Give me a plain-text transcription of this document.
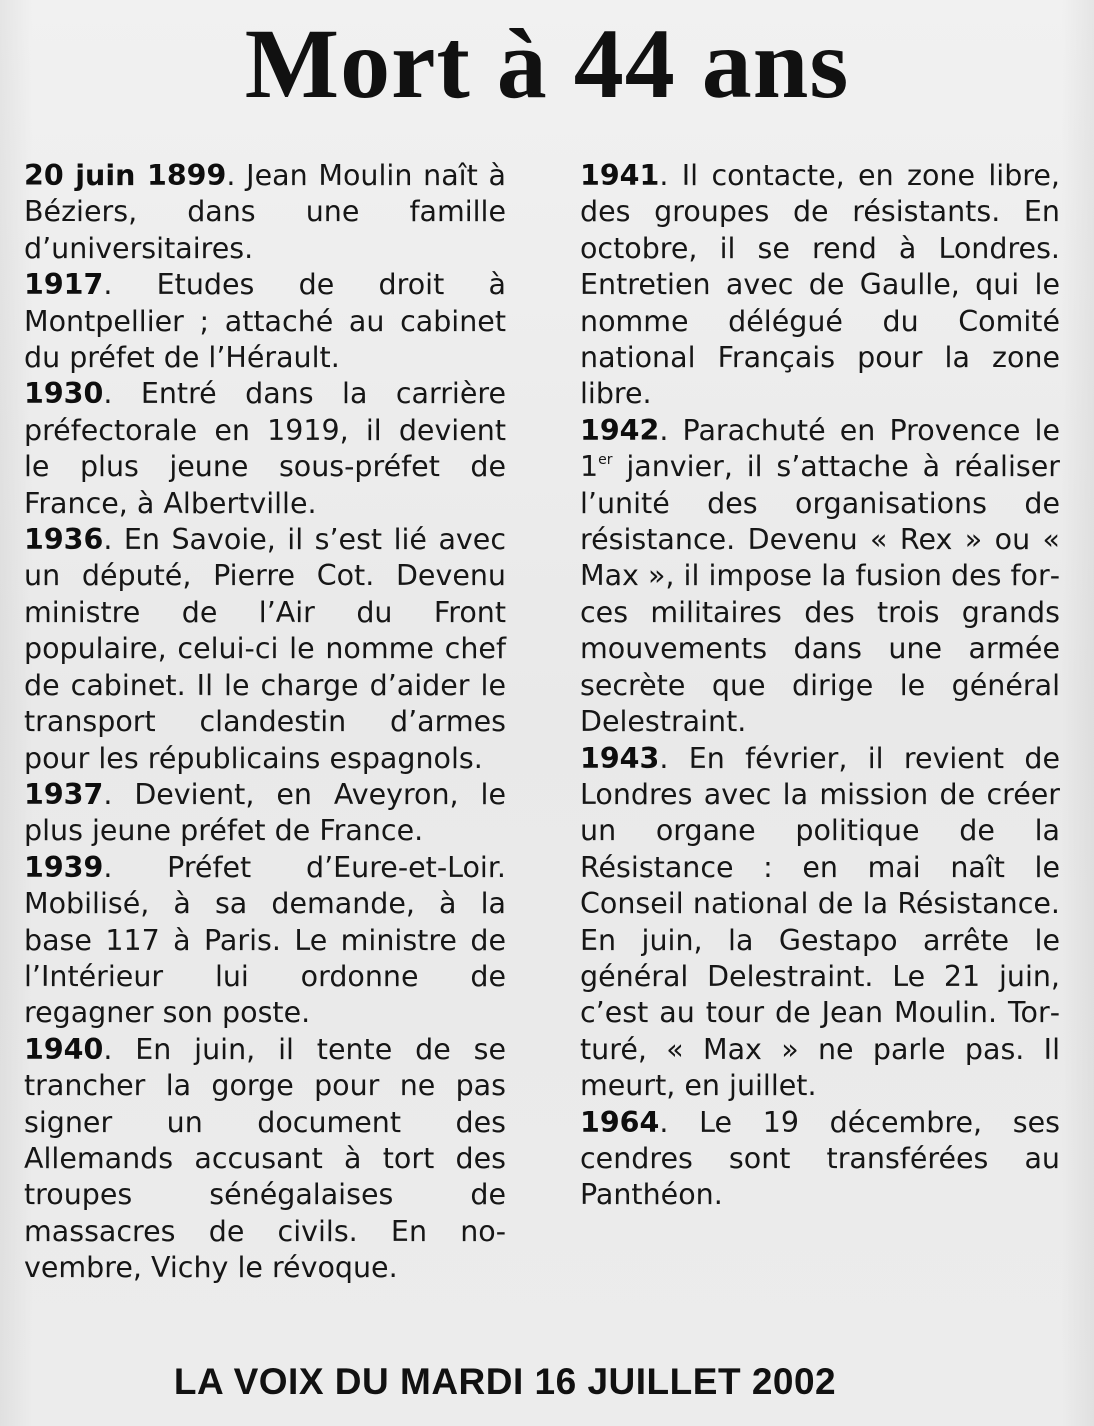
Mort à 44 ans

20 juin 1899. Jean Moulin naît à Béziers, dans une famille d’universitaires.

1917. Etudes de droit à Montpellier ; attaché au cabinet du préfet de l’Hérault.

1930. Entré dans la carrière préfectorale en 1919, il devient le plus jeune sous-préfet de France, à Albertville.

1936. En Savoie, il s’est lié avec un député, Pierre Cot. Devenu ministre de l’Air du Front populaire, celui-ci le nomme chef de cabinet. Il le charge d’aider le transport clandestin d’armes pour les républicains espagnols.

1937. Devient, en Aveyron, le plus jeune préfet de France.

1939. Préfet d’Eure-et-Loir. Mobilisé, à sa demande, à la base 117 à Paris. Le ministre de l’Intérieur lui ordonne de regagner son poste.

1940. En juin, il tente de se trancher la gorge pour ne pas signer un document des Allemands accusant à tort des troupes sénégalaises de massacres de civils. En novembre, Vichy le révoque.

1941. Il contacte, en zone libre, des groupes de résistants. En octobre, il se rend à Londres. Entretien avec de Gaulle, qui le nomme délégué du Comité national Français pour la zone libre.

1942. Parachuté en Provence le 1er janvier, il s’attache à réaliser l’unité des organisations de résistance. Devenu « Rex » ou « Max », il impose la fusion des forces militaires des trois grands mouvements dans une armée secrète que dirige le général Delestraint.

1943. En février, il revient de Londres avec la mission de créer un organe politique de la Résistance : en mai naît le Conseil national de la Résistance. En juin, la Gestapo arrête le général Delestraint. Le 21 juin, c’est au tour de Jean Moulin. Torturé, « Max » ne parle pas. Il meurt, en juillet.

1964. Le 19 décembre, ses cendres sont transférées au Panthéon.

LA VOIX DU MARDI 16 JUILLET 2002
